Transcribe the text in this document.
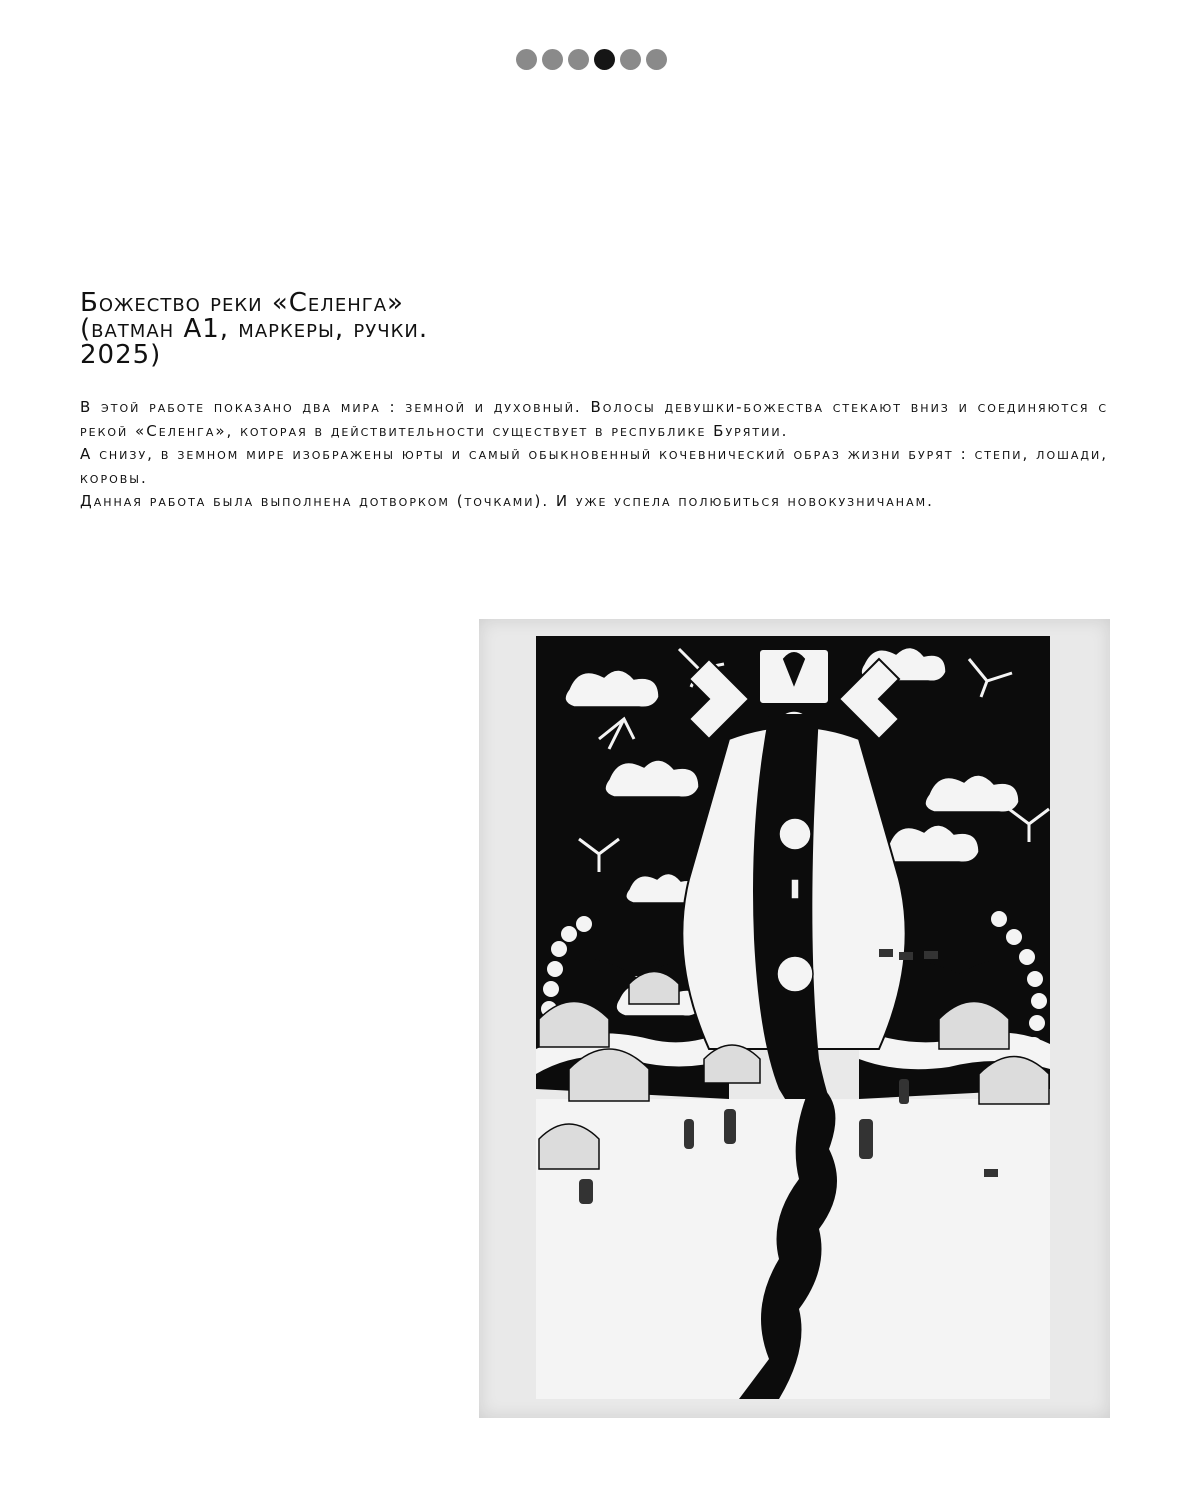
Божество реки «Селенга»
(ватман А1, маркеры, ручки.
2025)

В этой работе показано два мира : земной и духовный. Волосы девушки-божества стекают вниз и соединяются с рекой «Селенга», которая в действительности существует в республике Бурятии.

А снизу, в земном мире изображены юрты и самый обыкновенный кочевнический образ жизни бурят : степи, лошади, коровы.

Данная работа была выполнена дотворком (точками). И уже успела полюбиться новокузничанам.
